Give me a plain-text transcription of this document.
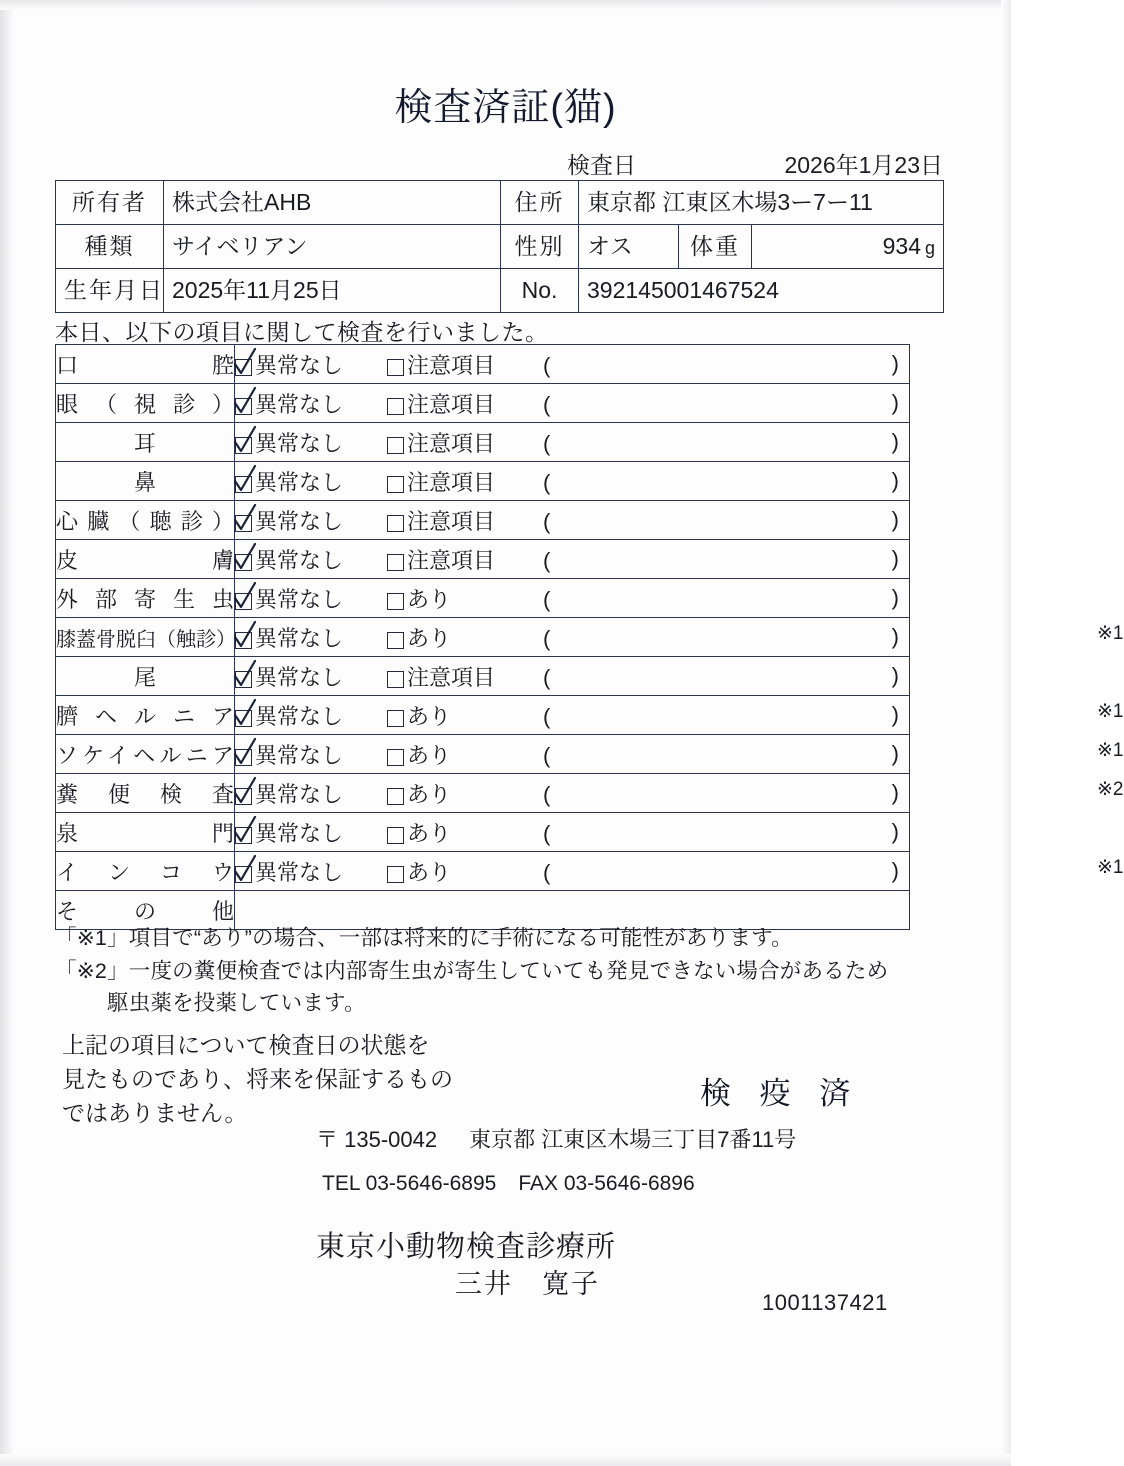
検査済証(猫)
検査日	2026年1月23日
所有者	株式会社AHB	住所	東京都 江東区木場3ー7ー11		
種類	サイベリアン	性別	オス	体重	934 g
生年月日	2025年11月25日	No.	392145001467524		
本日、以下の項目に関して検査を行いました。
口腔	異常なし 注意項目 ( )

眼（視診）	異常なし 注意項目 ( )

耳	異常なし 注意項目 ( )

鼻	異常なし 注意項目 ( )

心臓（聴診）	異常なし 注意項目 ( )

皮膚	異常なし 注意項目 ( )

外部寄生虫	異常なし あり ( )

膝蓋骨脱臼（触診）	異常なし あり ( ) ※1

尾	異常なし 注意項目 ( )

臍ヘルニア	異常なし あり ( ) ※1

ソケイヘルニア	異常なし あり ( ) ※1

糞便検査	異常なし あり ( ) ※2

泉門	異常なし あり ( )

インコウ	異常なし あり ( ) ※1

その他	
「※1」項目で“あり”の場合、一部は将来的に手術になる可能性があります。
「※2」一度の糞便検査では内部寄生虫が寄生していても発見できない場合があるため
駆虫薬を投薬しています。
上記の項目について検査日の状態を
見たものであり、将来を保証するもの
ではありません。
検 疫 済
〒 135-0042 東京都 江東区木場三丁目7番11号
TEL 03-5646-6895 FAX 03-5646-6896
東京小動物検査診療所
三井　寛子
1001137421
